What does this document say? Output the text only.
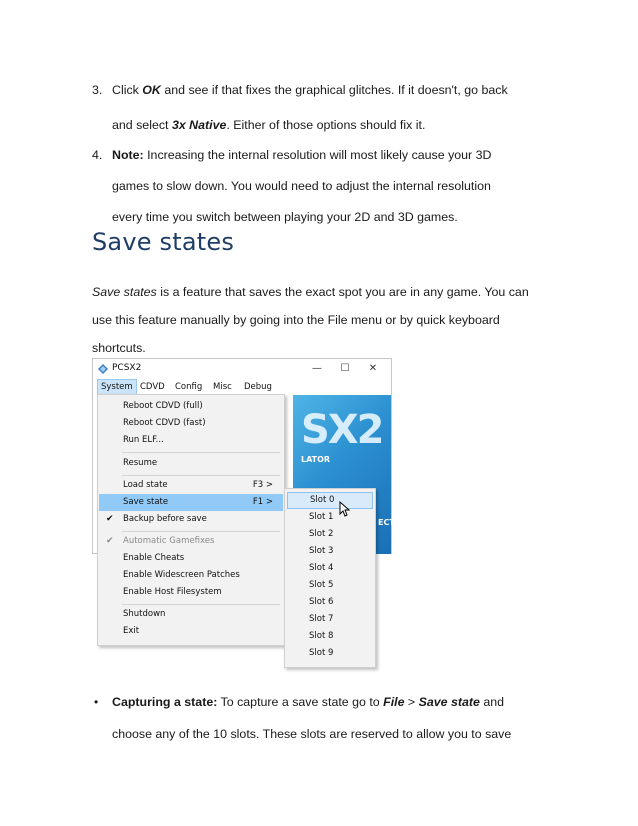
3. Click OK and see if that fixes the graphical glitches. If it doesn't, go back
and select 3x Native. Either of those options should fix it.
4. Note: Increasing the internal resolution will most likely cause your 3D
games to slow down. You would need to adjust the internal resolution
every time you switch between playing your 2D and 3D games.
Save states
Save states is a feature that saves the exact spot you are in any game. You can
use this feature manually by going into the File menu or by quick keyboard
shortcuts.
PCSX2	—	☐	✕
System CDVD	Config	Misc	Debug
SX2
LATOR
Reboot CDVD (full)
Reboot CDVD (fast)
Run ELF...
Resume
Load state	F3 >
Save state	F1 >
✔ Backup before save
✔ Automatic Gamefixes
Enable Cheats
Enable Widescreen Patches
Enable Host Filesystem
Shutdown
Exit
ECT
Slot 0
Slot 1
Slot 2
Slot 3
Slot 4
Slot 5
Slot 6
Slot 7
Slot 8
Slot 9
• Capturing a state: To capture a save state go to File > Save state and
choose any of the 10 slots. These slots are reserved to allow you to save
